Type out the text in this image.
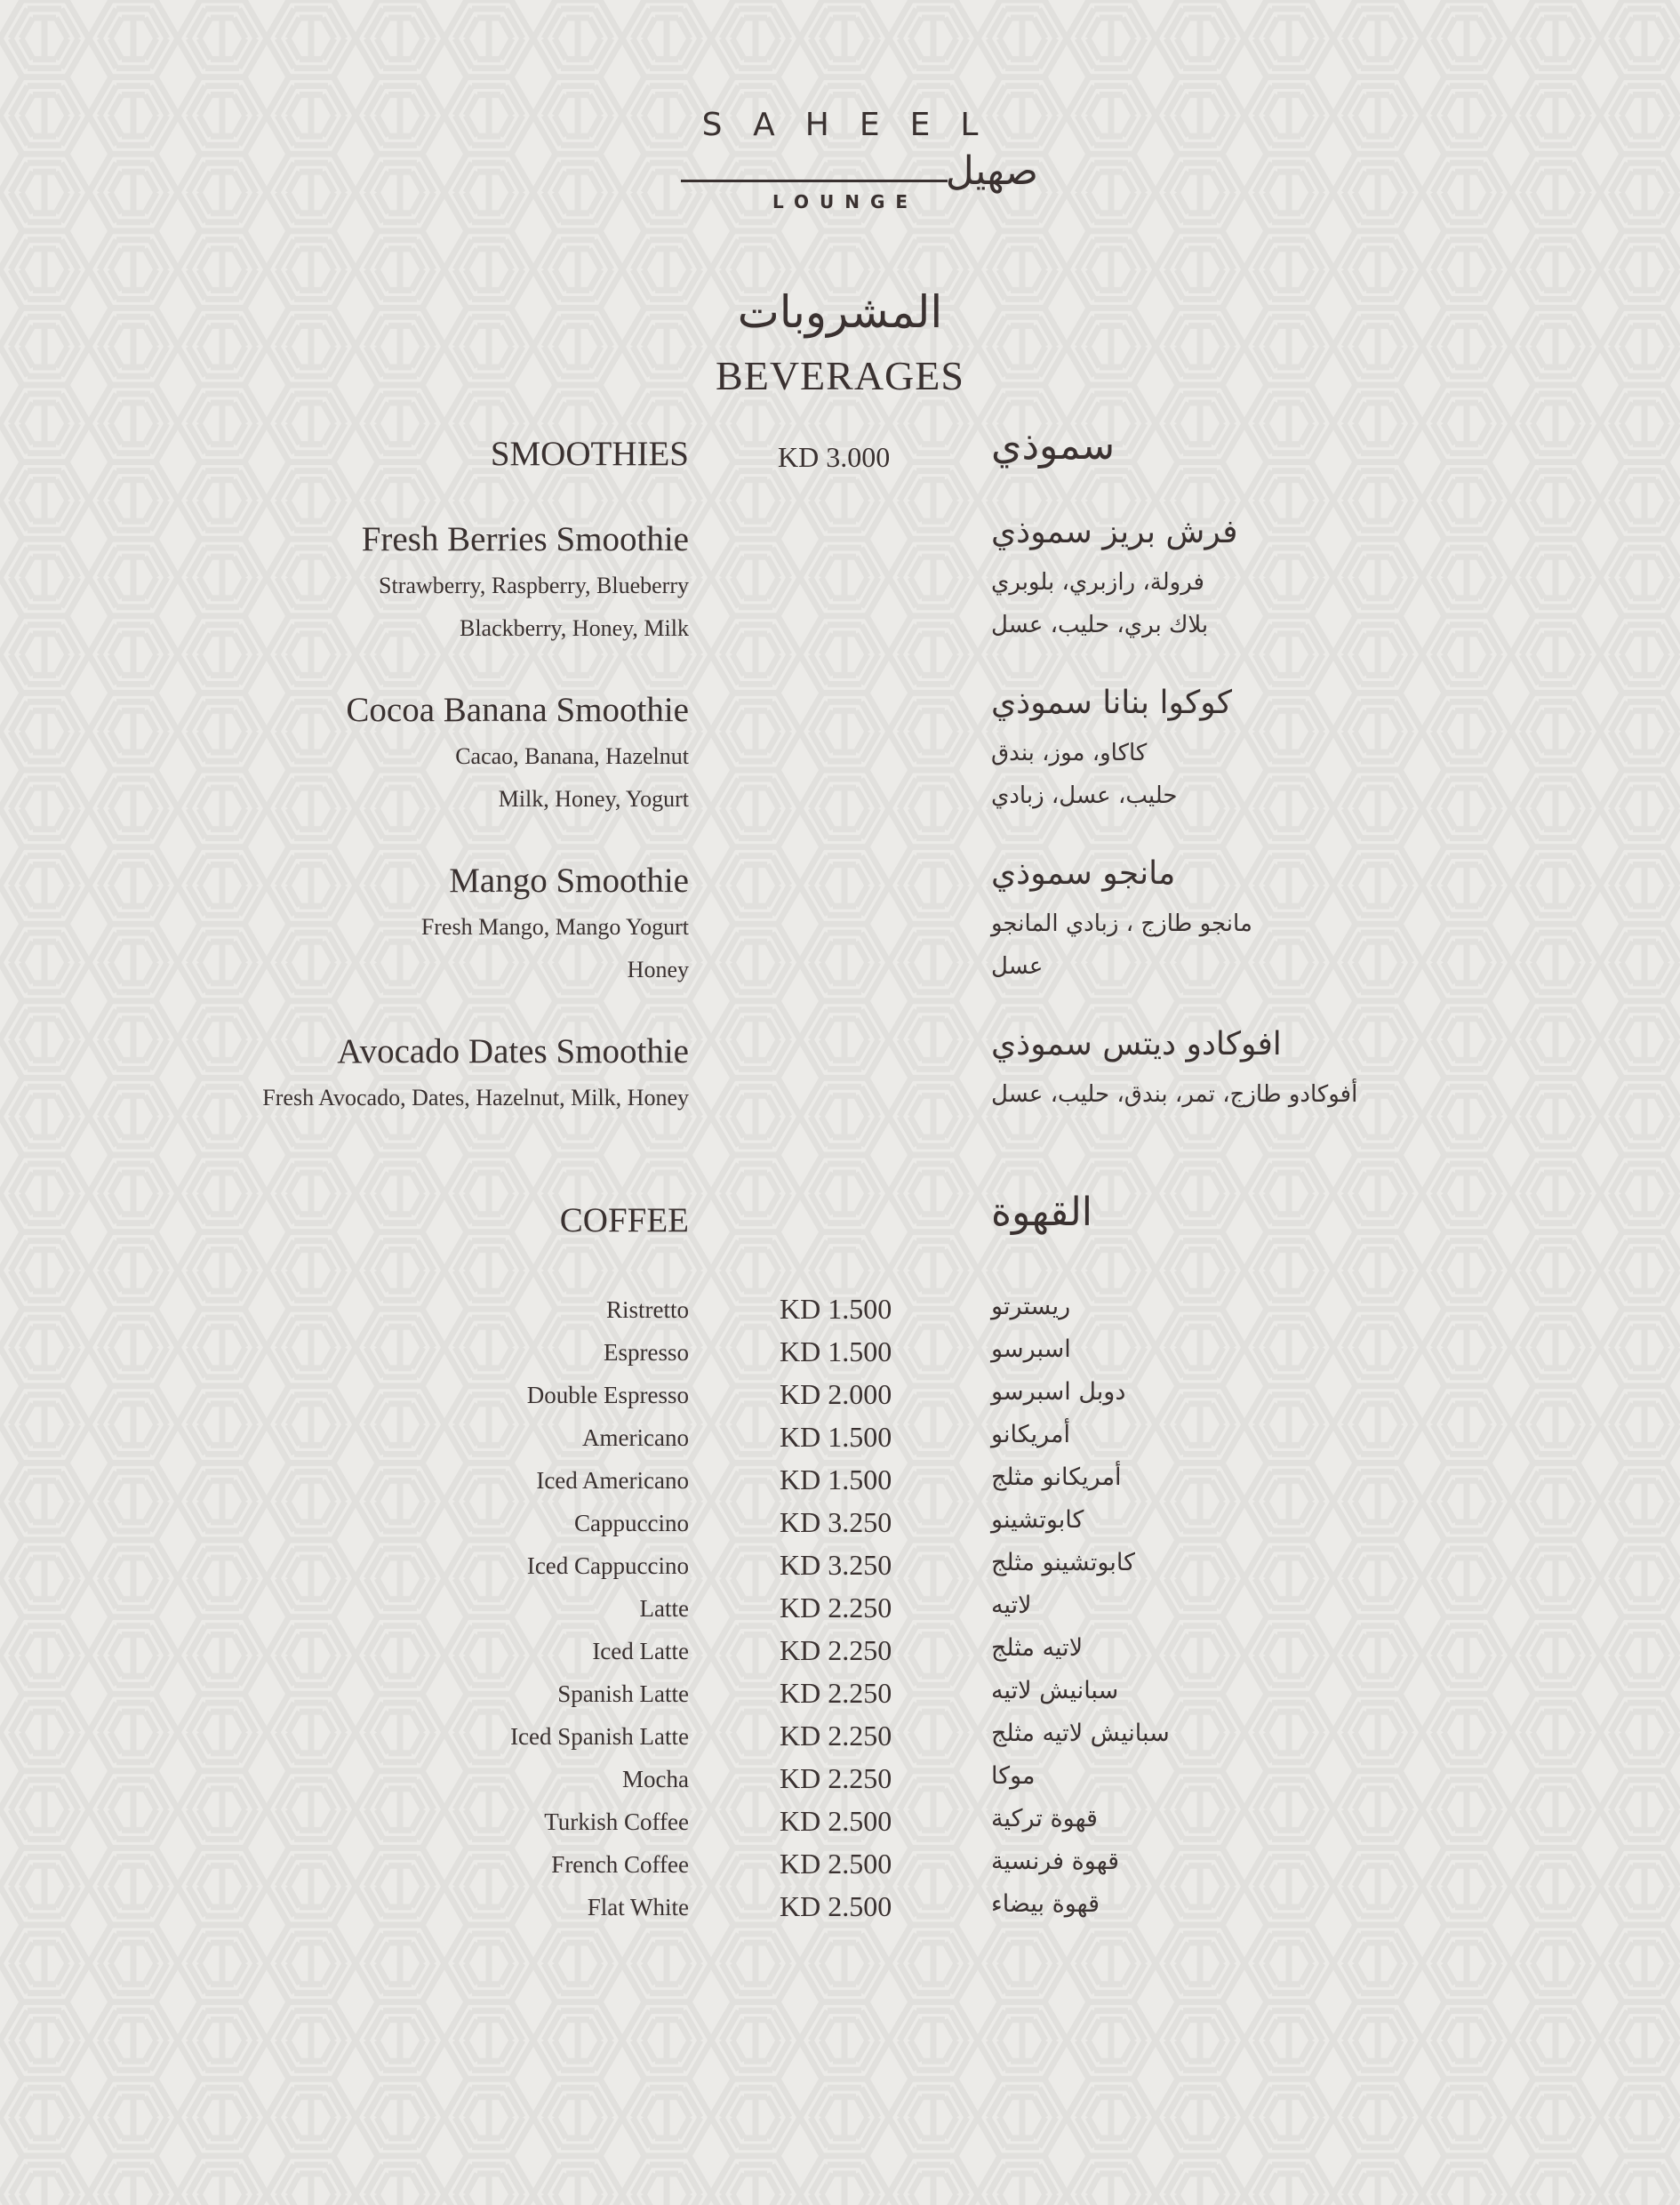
SAHEEL
صهيل
LOUNGE
المشروبات
BEVERAGES
SMOOTHIES	KD 3.000	سموذي
Fresh Berries Smoothie	فرش بريز سموذي
Strawberry, Raspberry, Blueberry	فرولة، رازبري، بلوبري
Blackberry, Honey, Milk	بلاك بري، حليب، عسل
Cocoa Banana Smoothie	كوكوا بنانا سموذي
Cacao, Banana, Hazelnut	كاكاو، موز، بندق
Milk, Honey, Yogurt	حليب، عسل، زبادي
Mango Smoothie	مانجو سموذي
Fresh Mango, Mango Yogurt	مانجو طازج ، زبادي المانجو
Honey	عسل
Avocado Dates Smoothie	افوكادو ديتس سموذي
Fresh Avocado, Dates, Hazelnut, Milk, Honey	أفوكادو طازج، تمر، بندق، حليب، عسل
COFFEE	القهوة
Ristretto	KD 1.500	ريسترتو
Espresso	KD 1.500	اسبرسو
Double Espresso	KD 2.000	دوبل اسبرسو
Americano	KD 1.500	أمريكانو
Iced Americano	KD 1.500	أمريكانو مثلج
Cappuccino	KD 3.250	كابوتشينو
Iced Cappuccino	KD 3.250	كابوتشينو مثلج
Latte	KD 2.250	لاتيه
Iced Latte	KD 2.250	لاتيه مثلج
Spanish Latte	KD 2.250	سبانيش لاتيه
Iced Spanish Latte	KD 2.250	سبانيش لاتيه مثلج
Mocha	KD 2.250	موكا
Turkish Coffee	KD 2.500	قهوة تركية
French Coffee	KD 2.500	قهوة فرنسية
Flat White	KD 2.500	قهوة بيضاء
